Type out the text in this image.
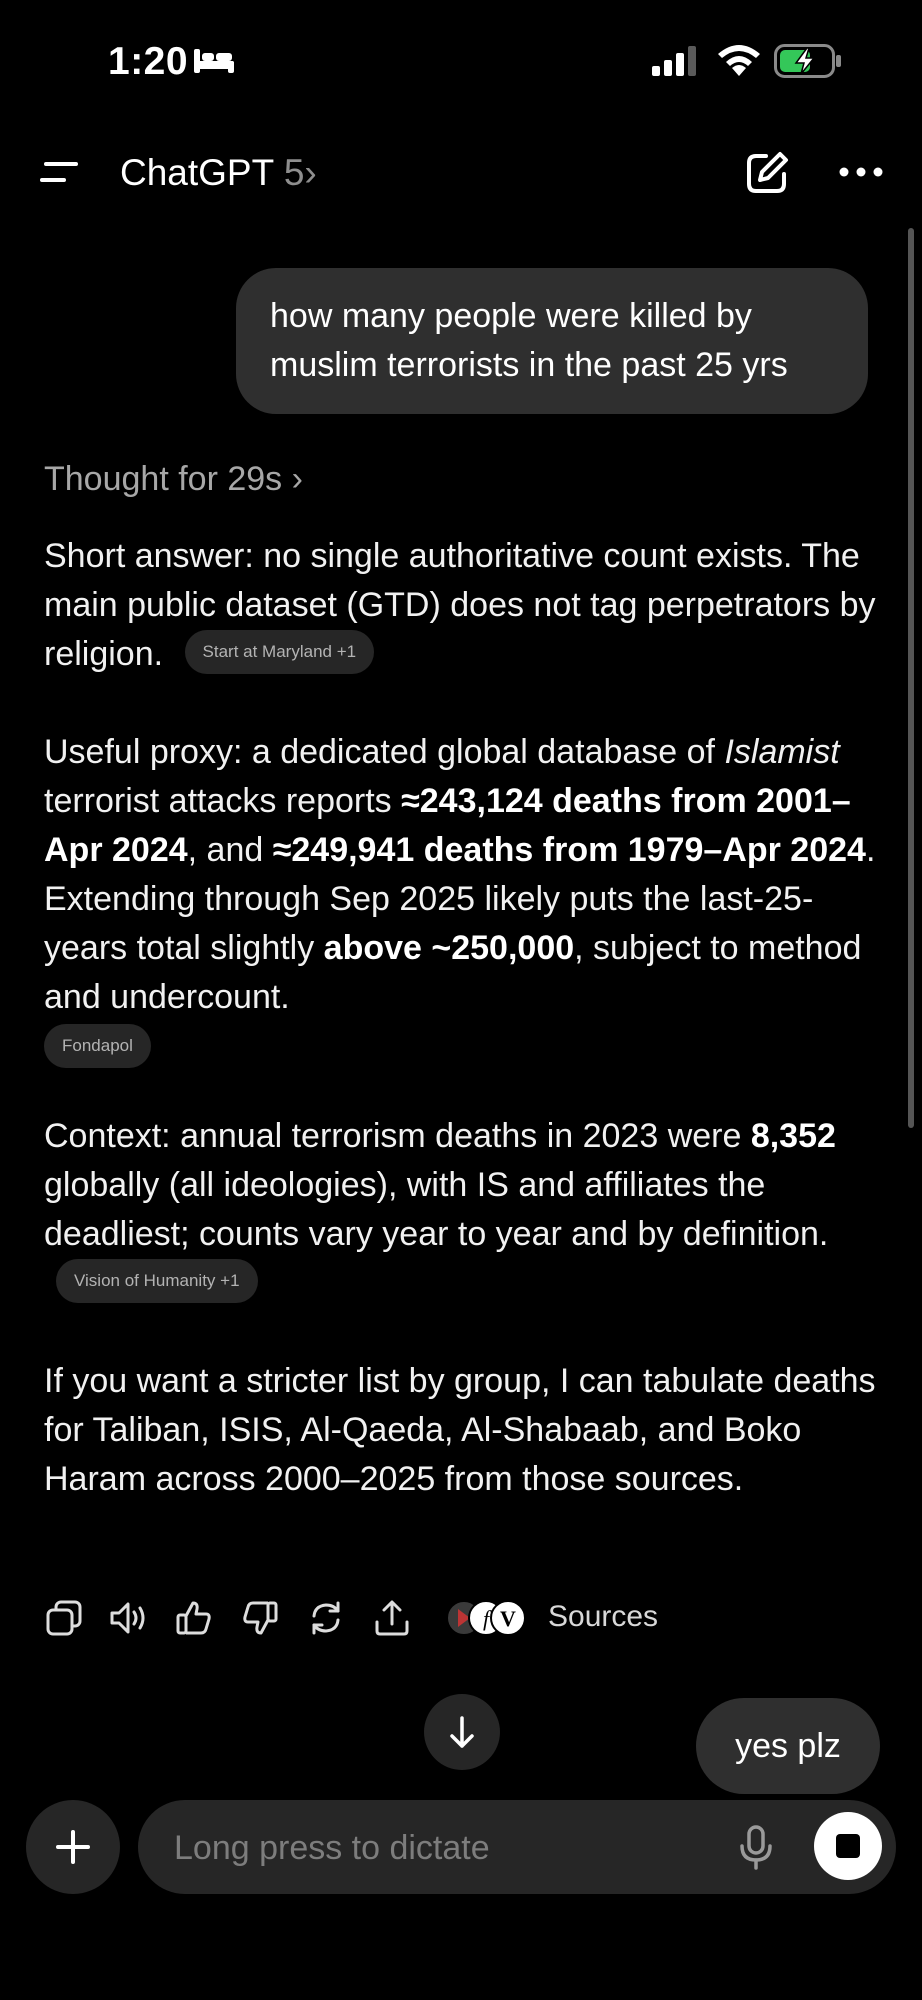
1:20
ChatGPT 5›
how many people were killed by muslim terrorists in the past 25 yrs
Thought for 29s ›
Short answer: no single authoritative count exists. The main public dataset (GTD) does not tag perpetrators by religion. Start at Maryland +1
Useful proxy: a dedicated global database of Islamist terrorist attacks reports ≈243,124 deaths from 2001–Apr 2024, and ≈249,941 deaths from 1979–Apr 2024. Extending through Sep 2025 likely puts the last-25-years total slightly above ~250,000, subject to method and undercount.
Fondapol
Context: annual terrorism deaths in 2023 were 8,352 globally (all ideologies), with IS and affiliates the deadliest; counts vary year to year and by definition.Vision of Humanity +1
If you want a stricter list by group, I can tabulate deaths for Taliban, ISIS, Al-Qaeda, Al-Shabaab, and Boko Haram across 2000–2025 from those sources.
f V Sources
yes plz
Long press to dictate
